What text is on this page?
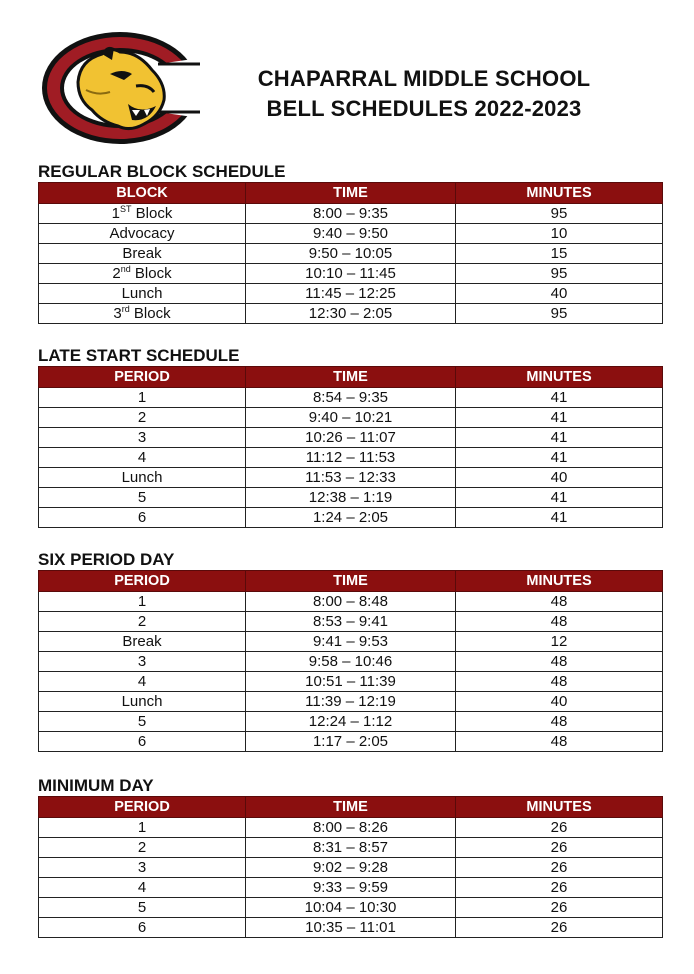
CHAPARRAL MIDDLE SCHOOL
BELL SCHEDULES 2022-2023
REGULAR BLOCK SCHEDULE
BLOCK	TIME	MINUTES
1ST Block	8:00 – 9:35	95
Advocacy	9:40 – 9:50	10
Break	9:50 – 10:05	15
2nd Block	10:10 – 11:45	95
Lunch	11:45 – 12:25	40
3rd Block	12:30 – 2:05	95
LATE START SCHEDULE
PERIOD	TIME	MINUTES
1	8:54 – 9:35	41
2	9:40 – 10:21	41
3	10:26 – 11:07	41
4	11:12 – 11:53	41
Lunch	11:53 – 12:33	40
5	12:38 – 1:19	41
6	1:24 – 2:05	41
SIX PERIOD DAY
PERIOD	TIME	MINUTES
1	8:00 – 8:48	48
2	8:53 – 9:41	48
Break	9:41 – 9:53	12
3	9:58 – 10:46	48
4	10:51 – 11:39	48
Lunch	11:39 – 12:19	40
5	12:24 – 1:12	48
6	1:17 – 2:05	48
MINIMUM DAY
PERIOD	TIME	MINUTES
1	8:00 – 8:26	26
2	8:31 – 8:57	26
3	9:02 – 9:28	26
4	9:33 – 9:59	26
5	10:04 – 10:30	26
6	10:35 – 11:01	26
